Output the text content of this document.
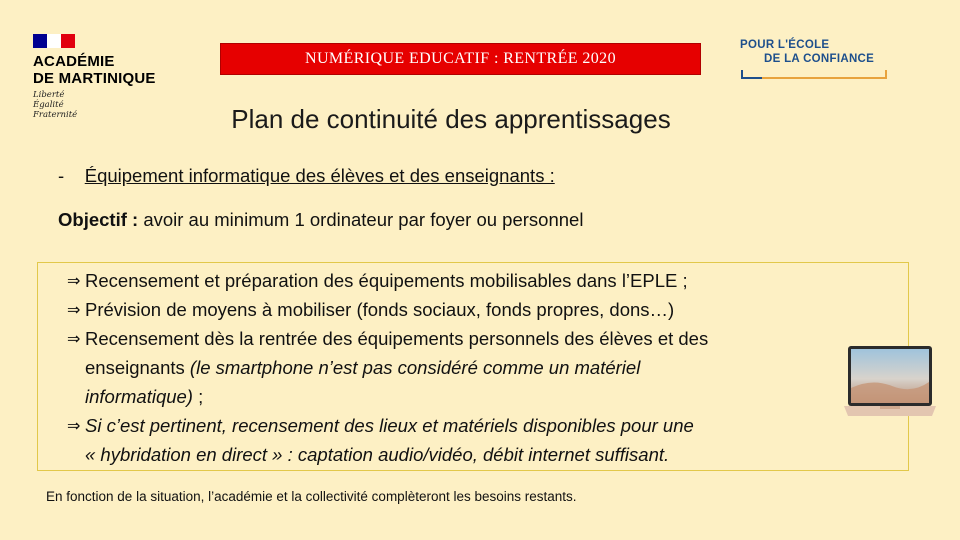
ACADÉMIE
DE MARTINIQUE
Liberté
Égalité
Fraternité
NUMÉRIQUE EDUCATIF : RENTRÉE 2020
POUR L'ÉCOLE
DE LA CONFIANCE
Plan de continuité des apprentissages
- Équipement informatique des élèves et des enseignants :
Objectif : avoir au minimum 1 ordinateur par foyer ou personnel
⇒ Recensement et préparation des équipements mobilisables dans l’EPLE ;
⇒ Prévision de moyens à mobiliser (fonds sociaux, fonds propres, dons…)
⇒ Recensement dès la rentrée des équipements personnels des élèves et des
enseignants (le smartphone n’est pas considéré comme un matériel
informatique) ;
⇒ Si c’est pertinent, recensement des lieux et matériels disponibles pour une
« hybridation en direct » : captation audio/vidéo, débit internet suffisant.
En fonction de la situation, l’académie et la collectivité complèteront les besoins restants.
